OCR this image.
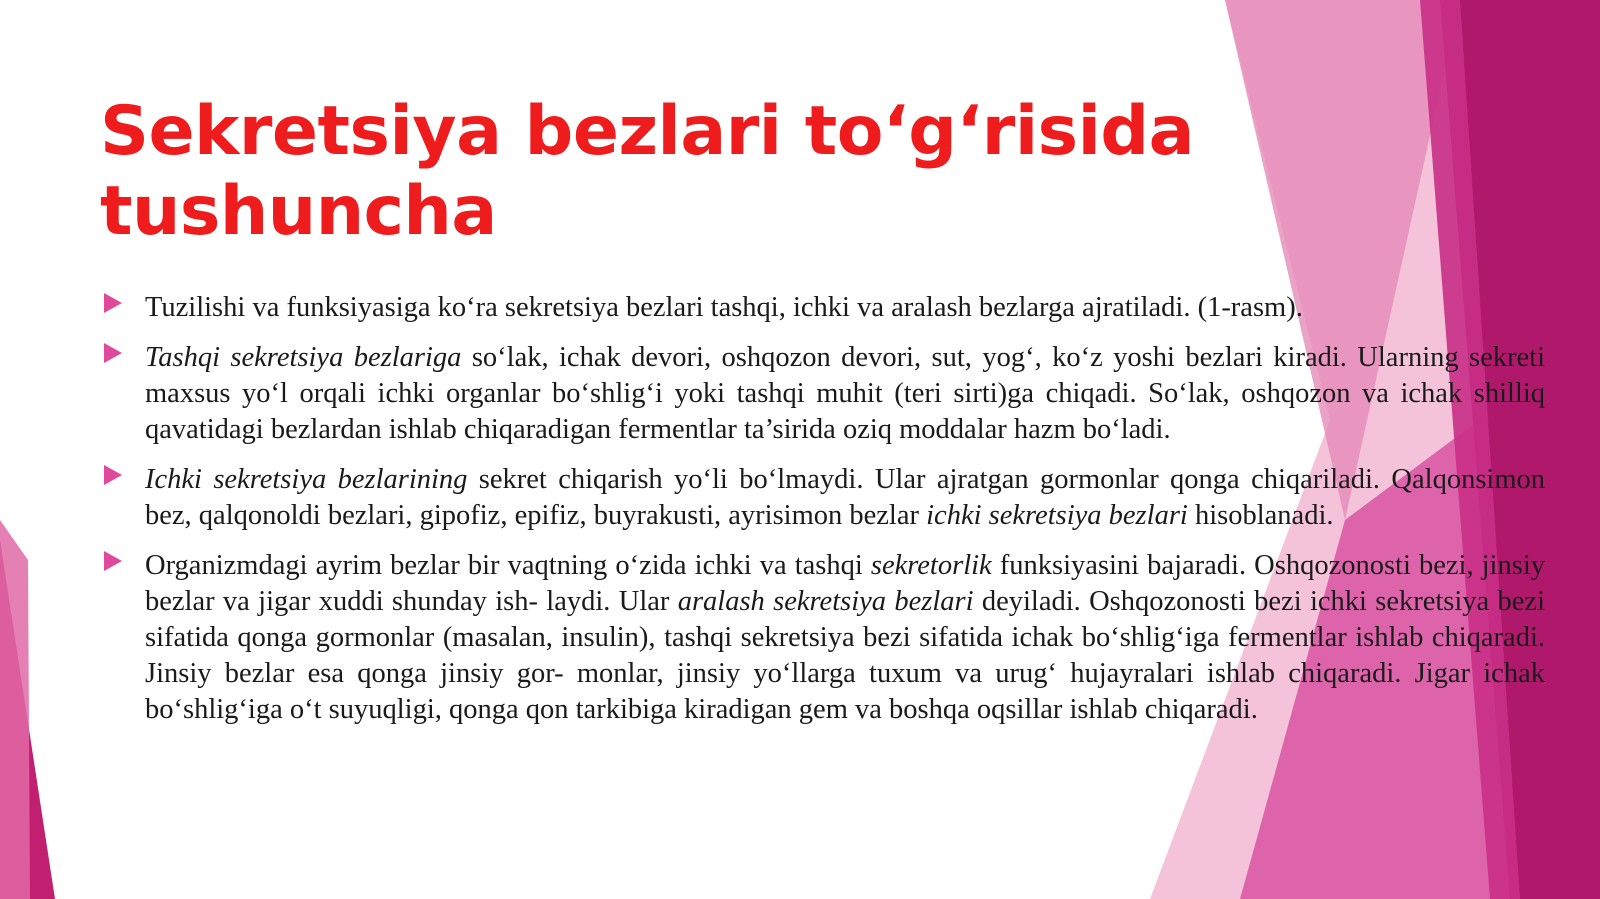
Sekretsiya bezlari to‘g‘risida tushuncha

Tuzilishi va funksiyasiga ko‘ra sekretsiya bezlari tashqi, ichki va aralash bezlarga ajratiladi. (1-rasm).

Tashqi sekretsiya bezlariga so‘lak, ichak devori, oshqozon devori, sut, yog‘, ko‘z yoshi bezlari kiradi. Ularning sekreti maxsus yo‘l orqali ichki organlar bo‘shlig‘i yoki tashqi muhit (teri sirti)ga chiqadi. So‘lak, oshqozon va ichak shilliq qavatidagi bezlardan ishlab chiqaradigan fermentlar ta’sirida oziq moddalar hazm bo‘ladi.

Ichki sekretsiya bezlarining sekret chiqarish yo‘li bo‘lmaydi. Ular ajratgan gormonlar qonga chiqariladi. Qalqonsimon bez, qalqonoldi bezlari, gipofiz, epifiz, buyrakusti, ayrisimon bezlar ichki sekretsiya bezlari hisoblanadi.

Organizmdagi ayrim bezlar bir vaqtning o‘zida ichki va tashqi sekretorlik funksiyasini bajaradi. Oshqozonosti bezi, jinsiy bezlar va jigar xuddi shunday ish- laydi. Ular aralash sekretsiya bezlari deyiladi. Oshqozonosti bezi ichki sekretsiya bezi sifatida qonga gormonlar (masalan, insulin), tashqi sekretsiya bezi sifatida ichak bo‘shlig‘iga fermentlar ishlab chiqaradi. Jinsiy bezlar esa qonga jinsiy gor- monlar, jinsiy yo‘llarga tuxum va urug‘ hujayralari ishlab chiqaradi. Jigar ichak bo‘shlig‘iga o‘t suyuqligi, qonga qon tarkibiga kiradigan gem va boshqa oqsillar ishlab chiqaradi.
